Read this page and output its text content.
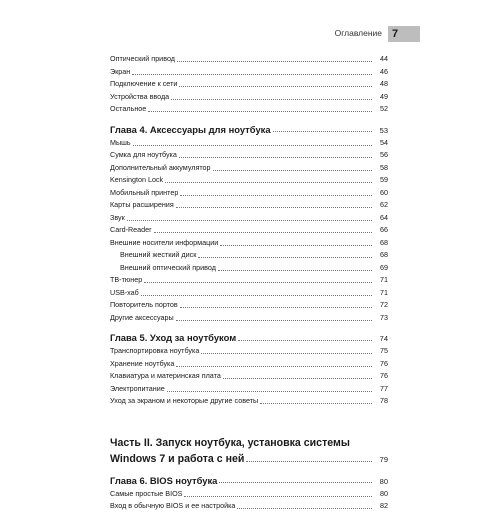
Оглавление 7
Оптический привод	44
Экран	46
Подключение к сети	48
Устройства ввода	49
Остальное	52
Глава 4. Аксессуары для ноутбука	53
Мышь	54
Сумка для ноутбука	56
Дополнительный аккумулятор	58
Kensington Lock	59
Мобильный принтер	60
Карты расширения	62
Звук	64
Card-Reader	66
Внешние носители информации	68
Внешний жесткий диск	68
Внешний оптический привод	69
ТВ-тюнер	71
USB-хаб	71
Повторитель портов	72
Другие аксессуары	73
Глава 5. Уход за ноутбуком	74
Транспортировка ноутбука	75
Хранение ноутбука	76
Клавиатура и материнская плата	76
Электропитание	77
Уход за экраном и некоторые другие советы	78
Часть II. Запуск ноутбука, установка системы
Windows 7 и работа с ней	79
Глава 6. BIOS ноутбука	80
Самые простые BIOS	80
Вход в обычную BIOS и ее настройка	82
